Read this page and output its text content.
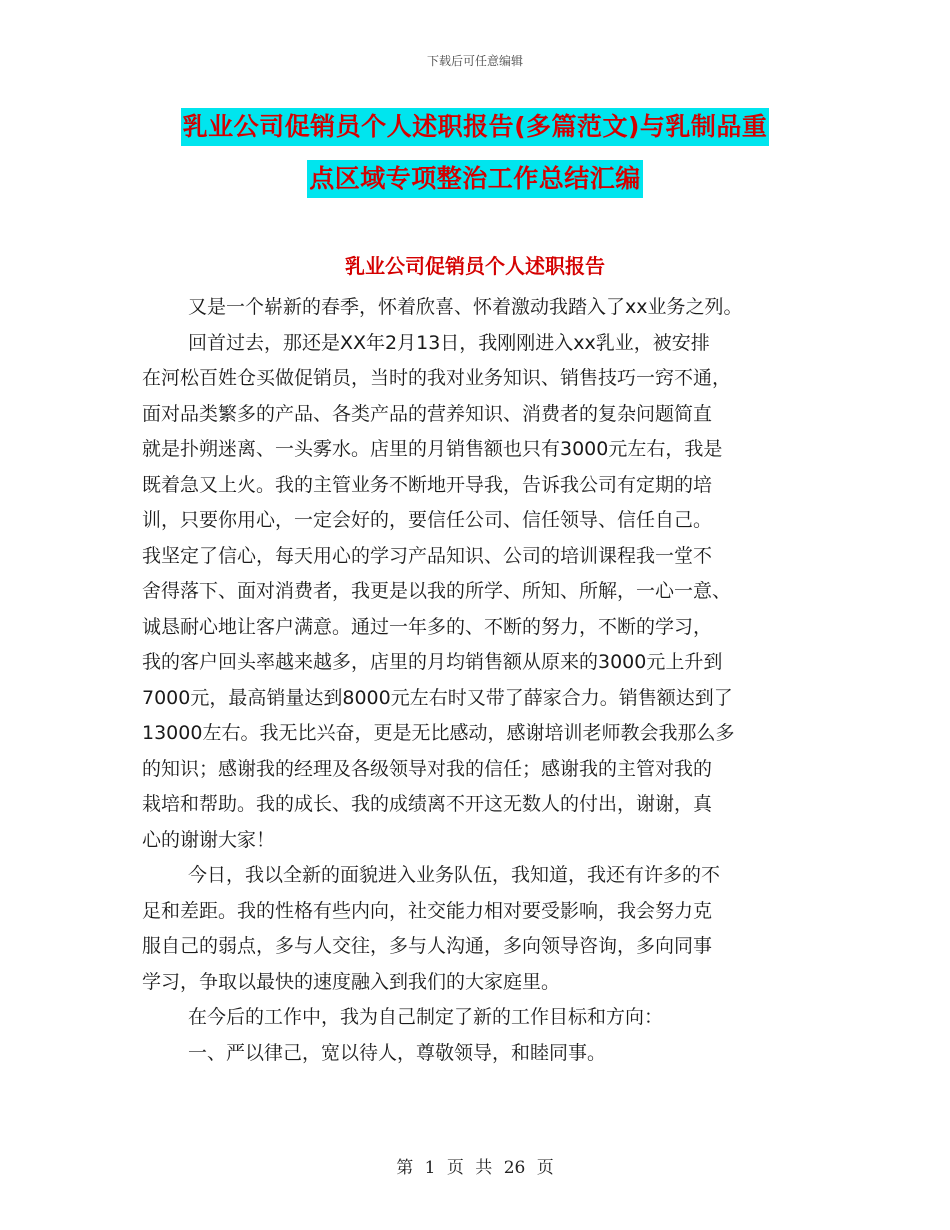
下载后可任意编辑
乳业公司促销员个人述职报告(多篇范文)与乳制品重
点区域专项整治工作总结汇编
乳业公司促销员个人述职报告
又是一个崭新的春季，怀着欣喜、怀着激动我踏入了xx业务之列。
回首过去，那还是XX年2月13日，我刚刚进入xx乳业，被安排
在河松百姓仓买做促销员，当时的我对业务知识、销售技巧一窍不通，
面对品类繁多的产品、各类产品的营养知识、消费者的复杂问题简直
就是扑朔迷离、一头雾水。店里的月销售额也只有3000元左右，我是
既着急又上火。我的主管业务不断地开导我，告诉我公司有定期的培
训，只要你用心，一定会好的，要信任公司、信任领导、信任自己。
我坚定了信心，每天用心的学习产品知识、公司的培训课程我一堂不
舍得落下、面对消费者，我更是以我的所学、所知、所解，一心一意、
诚恳耐心地让客户满意。通过一年多的、不断的努力，不断的学习，
我的客户回头率越来越多，店里的月均销售额从原来的3000元上升到
7000元，最高销量达到8000元左右时又带了薛家合力。销售额达到了
13000左右。我无比兴奋，更是无比感动，感谢培训老师教会我那么多
的知识；感谢我的经理及各级领导对我的信任；感谢我的主管对我的
栽培和帮助。我的成长、我的成绩离不开这无数人的付出，谢谢，真
心的谢谢大家！
今日，我以全新的面貌进入业务队伍，我知道，我还有许多的不
足和差距。我的性格有些内向，社交能力相对要受影响，我会努力克
服自己的弱点，多与人交往，多与人沟通，多向领导咨询，多向同事
学习，争取以最快的速度融入到我们的大家庭里。
在今后的工作中，我为自己制定了新的工作目标和方向：
一、严以律己，宽以待人，尊敬领导，和睦同事。
第 1 页 共 26 页
